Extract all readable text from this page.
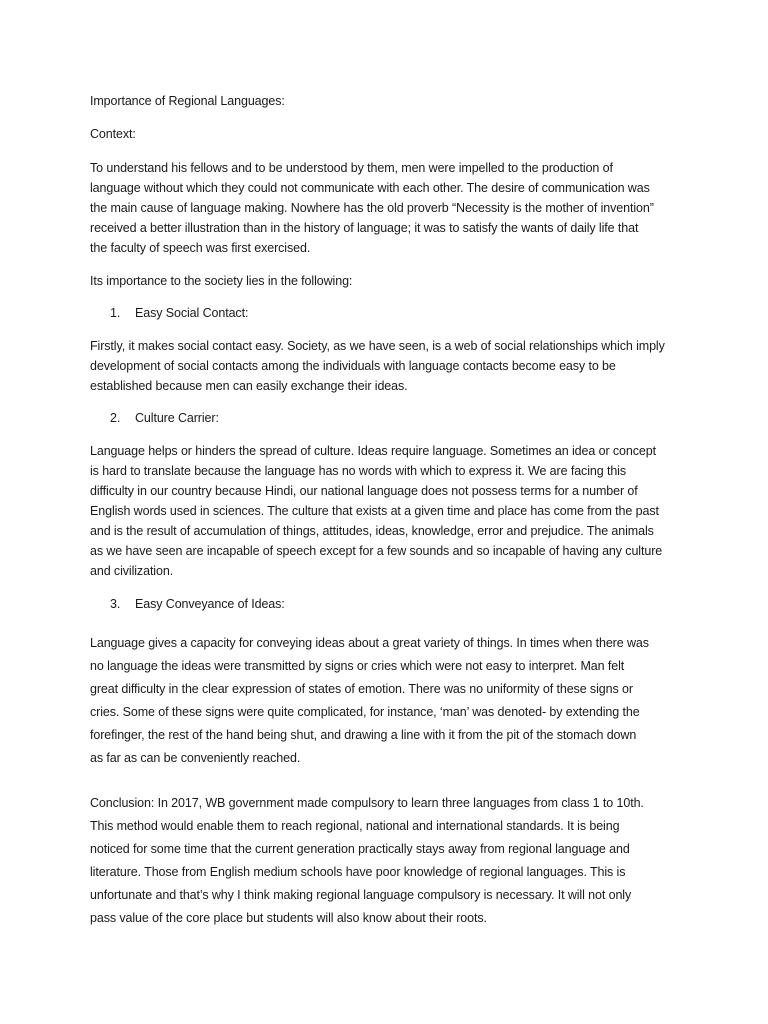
Importance of Regional Languages:

Context:

To understand his fellows and to be understood by them, men were impelled to the production of
language without which they could not communicate with each other. The desire of communication was
the main cause of language making. Nowhere has the old proverb “Necessity is the mother of invention”
received a better illustration than in the history of language; it was to satisfy the wants of daily life that
the faculty of speech was first exercised.

Its importance to the society lies in the following:

1. Easy Social Contact:

Firstly, it makes social contact easy. Society, as we have seen, is a web of social relationships which imply
development of social contacts among the individuals with language contacts become easy to be
established because men can easily exchange their ideas.

2. Culture Carrier:

Language helps or hinders the spread of culture. Ideas require language. Sometimes an idea or concept
is hard to translate because the language has no words with which to express it. We are facing this
difficulty in our country because Hindi, our national language does not possess terms for a number of
English words used in sciences. The culture that exists at a given time and place has come from the past
and is the result of accumulation of things, attitudes, ideas, knowledge, error and prejudice. The animals
as we have seen are incapable of speech except for a few sounds and so incapable of having any culture
and civilization.

3. Easy Conveyance of Ideas:

Language gives a capacity for conveying ideas about a great variety of things. In times when there was
no language the ideas were transmitted by signs or cries which were not easy to interpret. Man felt
great difficulty in the clear expression of states of emotion. There was no uniformity of these signs or
cries. Some of these signs were quite complicated, for instance, ‘man’ was denoted- by extending the
forefinger, the rest of the hand being shut, and drawing a line with it from the pit of the stomach down
as far as can be conveniently reached.

Conclusion: In 2017, WB government made compulsory to learn three languages from class 1 to 10th.
This method would enable them to reach regional, national and international standards. It is being
noticed for some time that the current generation practically stays away from regional language and
literature. Those from English medium schools have poor knowledge of regional languages. This is
unfortunate and that’s why I think making regional language compulsory is necessary. It will not only
pass value of the core place but students will also know about their roots.
